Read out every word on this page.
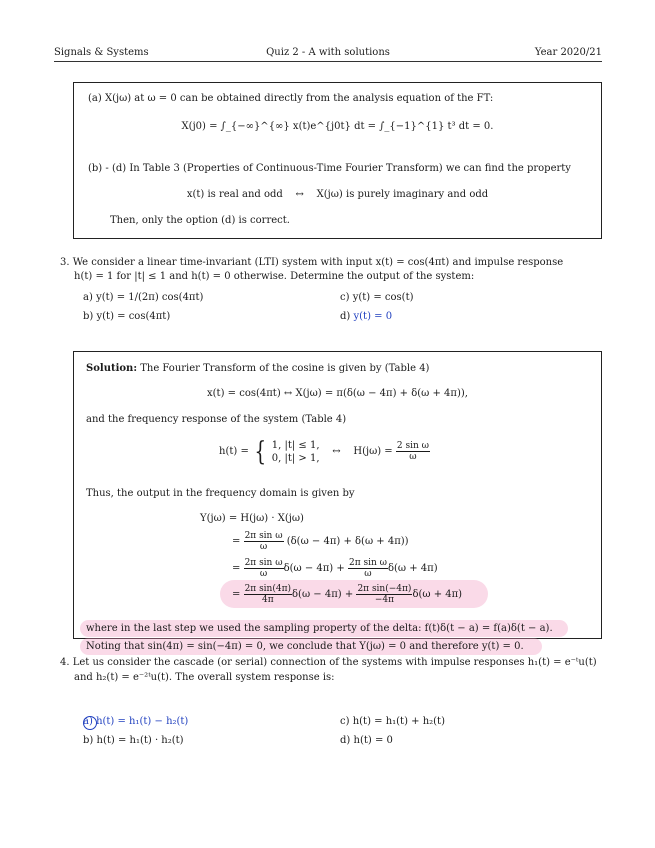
Signals & Systems	Quiz 2 - A with solutions	Year 2020/21
(a) X(jω) at ω = 0 can be obtained directly from the analysis equation of the FT:
X(j0) = ∫_{−∞}^{∞} x(t)e^{j0t} dt = ∫_{−1}^{1} t³ dt = 0.
(b) - (d) In Table 3 (Properties of Continuous-Time Fourier Transform) we can find the property
x(t) is real and odd ↔ X(jω) is purely imaginary and odd
Then, only the option (d) is correct.
3. We consider a linear time-invariant (LTI) system with input x(t) = cos(4πt) and impulse response
h(t) = 1 for |t| ≤ 1 and h(t) = 0 otherwise. Determine the output of the system:
a) y(t) = 1/(2π) cos(4πt)
b) y(t) = cos(4πt)
c) y(t) = cos(t)
d) y(t) = 0
Solution: The Fourier Transform of the cosine is given by (Table 4)
x(t) = cos(4πt) ↔ X(jω) = π(δ(ω − 4π) + δ(ω + 4π)),
and the frequency response of the system (Table 4)
h(t) = { 1, |t| ≤ 1,
0, |t| > 1,
↔ $H(j\omega) = \frac{\text{2 sin ω}}{\omega}$
Thus, the output in the frequency domain is given by
Y(jω) = H(jω) · X(jω)
= $\frac{\text{2π sin ω}}{\omega} (\delta(\omega - 4\pi) + \delta(\omega + 4\pi))$
= $\frac{\text{2π sin ω}}{\omega} \delta(\omega - 4\pi) + \frac{\text{2π sin ω}}{\omega} \delta(\omega + 4\pi)$
= $\frac{\text{2π sin(4π)}}{4\pi} \delta(\omega - 4\pi) + \frac{\text{2π sin(−4π)}}{-4\pi} \delta(\omega + 4\pi)$
where in the last step we used the sampling property of the delta: f(t)δ(t − a) = f(a)δ(t − a).
Noting that sin(4π) = sin(−4π) = 0, we conclude that Y(jω) = 0 and therefore y(t) = 0.
4. Let us consider the cascade (or serial) connection of the systems with impulse responses h₁(t) = e⁻ᵗu(t)
and h₂(t) = e⁻²ᵗu(t). The overall system response is:
a) h(t) = h₁(t) − h₂(t)
b) h(t) = h₁(t) · h₂(t)
c) h(t) = h₁(t) + h₂(t)
d) h(t) = 0
